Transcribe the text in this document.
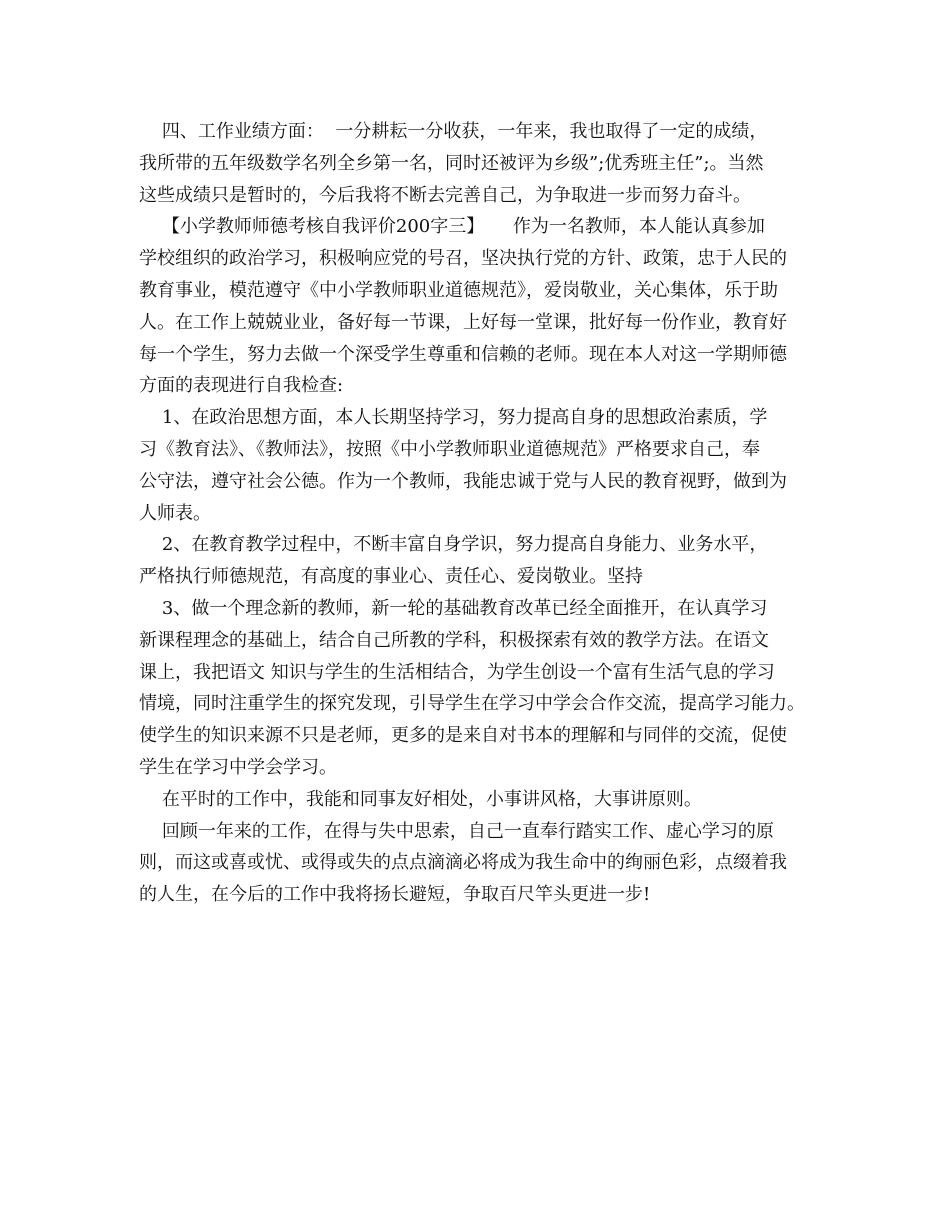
四、工作业绩方面：  一分耕耘一分收获，一年来，我也取得了一定的成绩，
我所带的五年级数学名列全乡第一名，同时还被评为乡级”;优秀班主任”;。当然
这些成绩只是暂时的，今后我将不断去完善自己，为争取进一步而努力奋斗。
【小学教师师德考核自我评价200字三】     作为一名教师，本人能认真参加
学校组织的政治学习，积极响应党的号召，坚决执行党的方针、政策，忠于人民的
教育事业，模范遵守《中小学教师职业道德规范》，爱岗敬业，关心集体，乐于助
人。在工作上兢兢业业，备好每一节课，上好每一堂课，批好每一份作业，教育好
每一个学生，努力去做一个深受学生尊重和信赖的老师。现在本人对这一学期师德
方面的表现进行自我检查:
1、在政治思想方面，本人长期坚持学习，努力提高自身的思想政治素质，学
习《教育法》、《教师法》，按照《中小学教师职业道德规范》严格要求自己，奉
公守法，遵守社会公德。作为一个教师，我能忠诚于党与人民的教育视野，做到为
人师表。
2、在教育教学过程中，不断丰富自身学识，努力提高自身能力、业务水平，
严格执行师德规范，有高度的事业心、责任心、爱岗敬业。坚持
3、做一个理念新的教师，新一轮的基础教育改革已经全面推开，在认真学习
新课程理念的基础上，结合自己所教的学科，积极探索有效的教学方法。在语文
课上，我把语文 知识与学生的生活相结合，为学生创设一个富有生活气息的学习
情境，同时注重学生的探究发现，引导学生在学习中学会合作交流，提高学习能力。
使学生的知识来源不只是老师，更多的是来自对书本的理解和与同伴的交流，促使
学生在学习中学会学习。
在平时的工作中，我能和同事友好相处，小事讲风格，大事讲原则。
回顾一年来的工作，在得与失中思索，自己一直奉行踏实工作、虚心学习的原
则，而这或喜或忧、或得或失的点点滴滴必将成为我生命中的绚丽色彩，点缀着我
的人生，在今后的工作中我将扬长避短，争取百尺竿头更进一步!
